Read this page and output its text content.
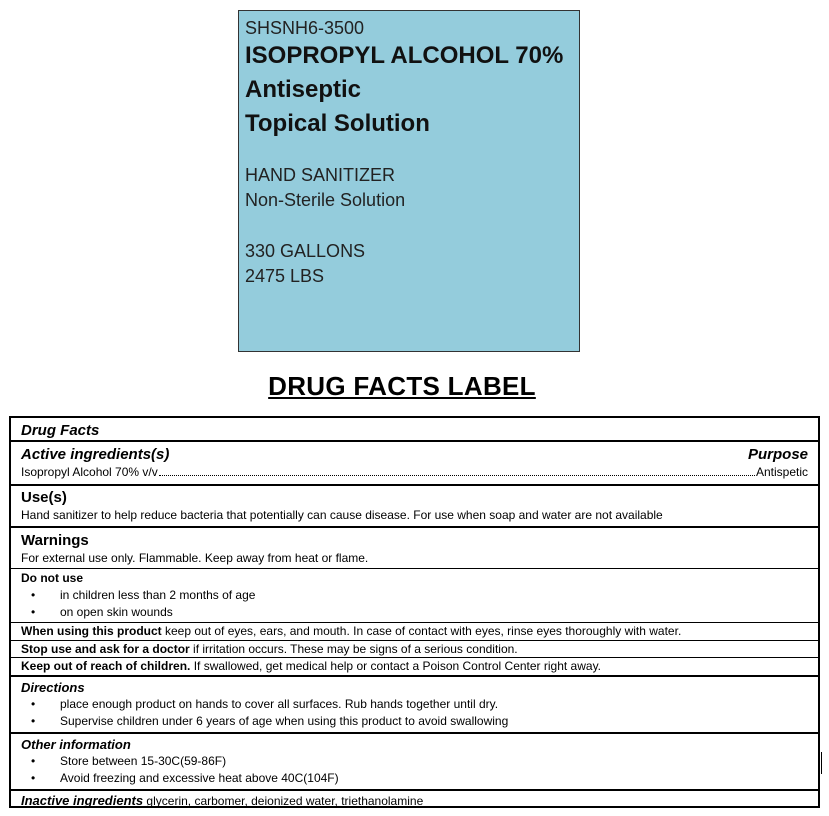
SHSNH6-3500
ISOPROPYL ALCOHOL 70%
Antiseptic
Topical Solution
HAND SANITIZER
Non-Sterile Solution
330 GALLONS
2475 LBS
DRUG FACTS LABEL
Drug Facts
Active ingredients(s)	Purpose
Isopropyl Alcohol 70% v/v	Antispetic
Use(s)
Hand sanitizer to help reduce bacteria that potentially can cause disease. For use when soap and water are not available
Warnings
For external use only. Flammable. Keep away from heat or flame.
Do not use
• in children less than 2 months of age
• on open skin wounds
When using this product keep out of eyes, ears, and mouth. In case of contact with eyes, rinse eyes thoroughly with water.
Stop use and ask for a doctor if irritation occurs. These may be signs of a serious condition.
Keep out of reach of children. If swallowed, get medical help or contact a Poison Control Center right away.
Directions
• place enough product on hands to cover all surfaces. Rub hands together until dry.
• Supervise children under 6 years of age when using this product to avoid swallowing
Other information
• Store between 15-30C(59-86F)
• Avoid freezing and excessive heat above 40C(104F)
Inactive ingredients glycerin, carbomer, deionized water, triethanolamine
